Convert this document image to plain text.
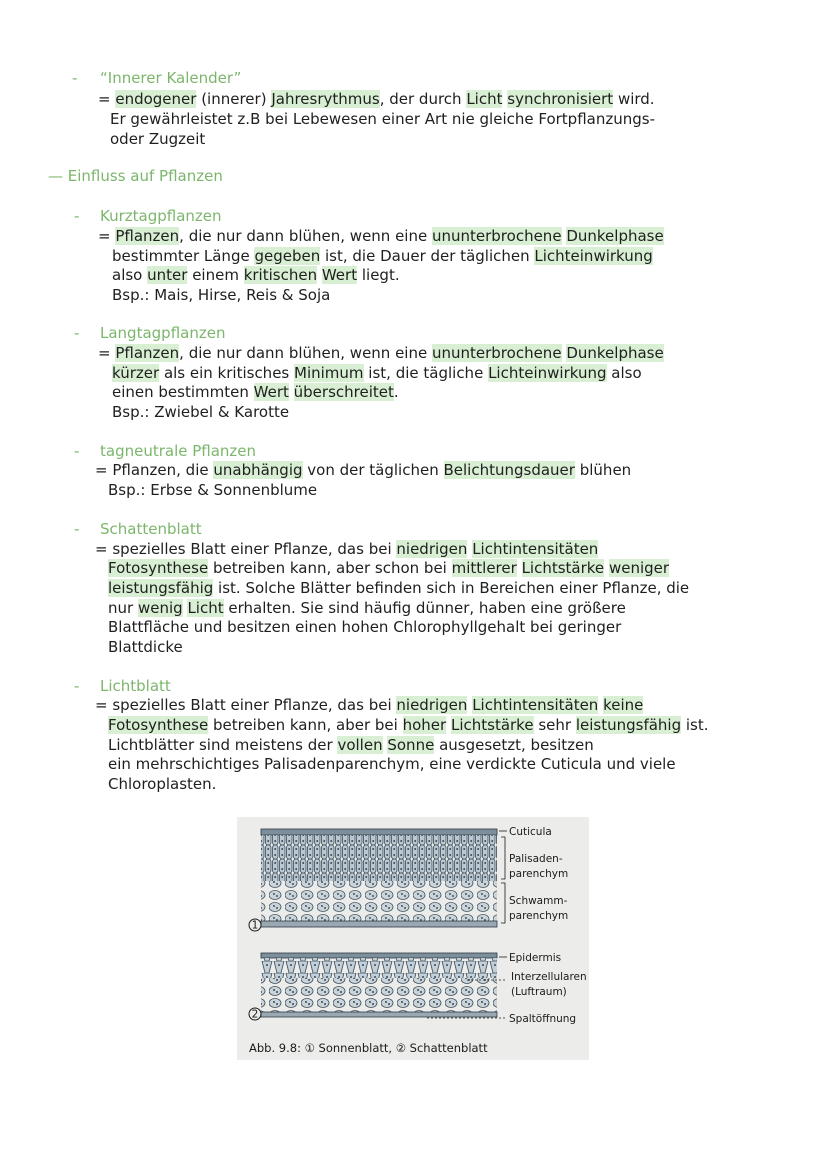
- “Innerer Kalender”
= endogener (innerer) Jahresrythmus, der durch Licht synchronisiert wird.
Er gewährleistet z.B bei Lebewesen einer Art nie gleiche Fortpflanzungs-
oder Zugzeit
— Einfluss auf Pflanzen
- Kurztagpflanzen
= Pflanzen, die nur dann blühen, wenn eine ununterbrochene Dunkelphase
bestimmter Länge gegeben ist, die Dauer der täglichen Lichteinwirkung
also unter einem kritischen Wert liegt.
Bsp.: Mais, Hirse, Reis & Soja
- Langtagpflanzen
= Pflanzen, die nur dann blühen, wenn eine ununterbrochene Dunkelphase
kürzer als ein kritisches Minimum ist, die tägliche Lichteinwirkung also
einen bestimmten Wert überschreitet.
Bsp.: Zwiebel & Karotte
- tagneutrale Pflanzen
= Pflanzen, die unabhängig von der täglichen Belichtungsdauer blühen
Bsp.: Erbse & Sonnenblume
- Schattenblatt
= spezielles Blatt einer Pflanze, das bei niedrigen Lichtintensitäten
Fotosynthese betreiben kann, aber schon bei mittlerer Lichtstärke weniger
leistungsfähig ist. Solche Blätter befinden sich in Bereichen einer Pflanze, die
nur wenig Licht erhalten. Sie sind häufig dünner, haben eine größere
Blattfläche und besitzen einen hohen Chlorophyllgehalt bei geringer
Blattdicke
- Lichtblatt
= spezielles Blatt einer Pflanze, das bei niedrigen Lichtintensitäten keine
Fotosynthese betreiben kann, aber bei hoher Lichtstärke sehr leistungsfähig ist.
Lichtblätter sind meistens der vollen Sonne ausgesetzt, besitzen
ein mehrschichtiges Palisadenparenchym, eine verdickte Cuticula und viele
Chloroplasten.
1
2
Cuticula
Palisaden-
parenchym
Schwamm-
parenchym
Epidermis
Interzellularen
(Luftraum)
Spaltöffnung
Abb. 9.8: ① Sonnenblatt, ② Schattenblatt
